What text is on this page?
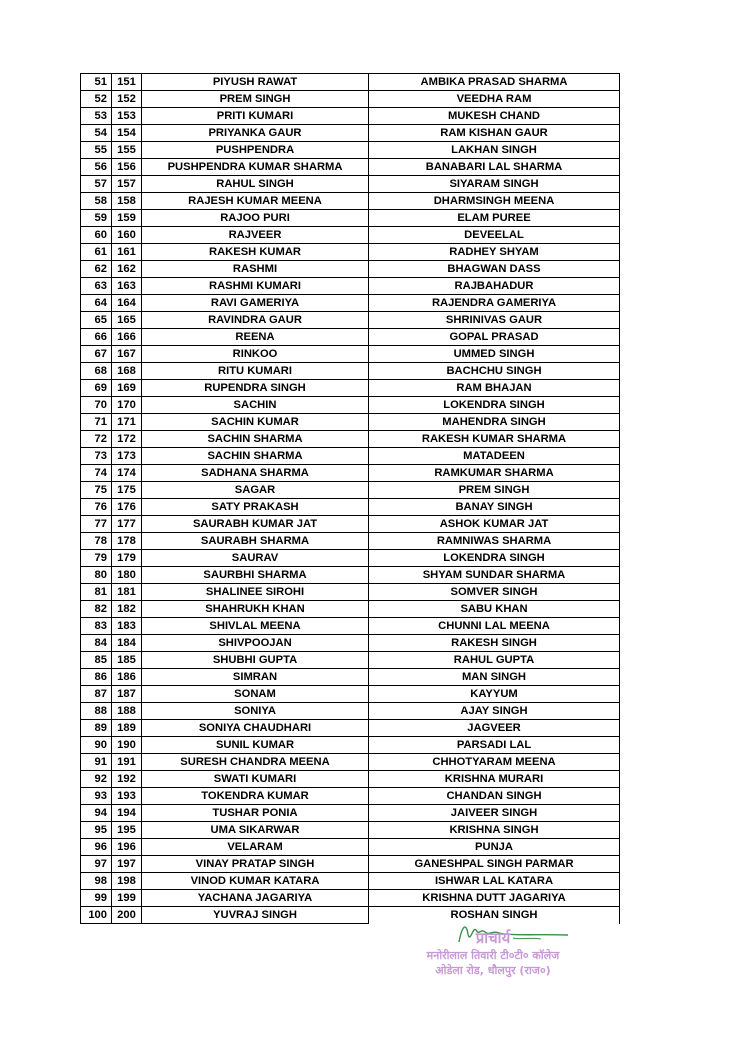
51	151	PIYUSH RAWAT	AMBIKA PRASAD SHARMA
52	152	PREM SINGH	VEEDHA RAM
53	153	PRITI KUMARI	MUKESH CHAND
54	154	PRIYANKA GAUR	RAM KISHAN GAUR
55	155	PUSHPENDRA	LAKHAN SINGH
56	156	PUSHPENDRA KUMAR SHARMA	BANABARI LAL SHARMA
57	157	RAHUL SINGH	SIYARAM SINGH
58	158	RAJESH KUMAR MEENA	DHARMSINGH MEENA
59	159	RAJOO PURI	ELAM PUREE
60	160	RAJVEER	DEVEELAL
61	161	RAKESH KUMAR	RADHEY SHYAM
62	162	RASHMI	BHAGWAN DASS
63	163	RASHMI KUMARI	RAJBAHADUR
64	164	RAVI GAMERIYA	RAJENDRA GAMERIYA
65	165	RAVINDRA GAUR	SHRINIVAS GAUR
66	166	REENA	GOPAL PRASAD
67	167	RINKOO	UMMED SINGH
68	168	RITU KUMARI	BACHCHU SINGH
69	169	RUPENDRA SINGH	RAM BHAJAN
70	170	SACHIN	LOKENDRA SINGH
71	171	SACHIN KUMAR	MAHENDRA SINGH
72	172	SACHIN SHARMA	RAKESH KUMAR SHARMA
73	173	SACHIN SHARMA	MATADEEN
74	174	SADHANA SHARMA	RAMKUMAR SHARMA
75	175	SAGAR	PREM SINGH
76	176	SATY PRAKASH	BANAY SINGH
77	177	SAURABH KUMAR JAT	ASHOK KUMAR JAT
78	178	SAURABH SHARMA	RAMNIWAS SHARMA
79	179	SAURAV	LOKENDRA SINGH
80	180	SAURBHI SHARMA	SHYAM SUNDAR SHARMA
81	181	SHALINEE SIROHI	SOMVER SINGH
82	182	SHAHRUKH KHAN	SABU KHAN
83	183	SHIVLAL MEENA	CHUNNI LAL MEENA
84	184	SHIVPOOJAN	RAKESH SINGH
85	185	SHUBHI GUPTA	RAHUL GUPTA
86	186	SIMRAN	MAN SINGH
87	187	SONAM	KAYYUM
88	188	SONIYA	AJAY SINGH
89	189	SONIYA CHAUDHARI	JAGVEER
90	190	SUNIL KUMAR	PARSADI LAL
91	191	SURESH CHANDRA MEENA	CHHOTYARAM MEENA
92	192	SWATI KUMARI	KRISHNA MURARI
93	193	TOKENDRA KUMAR	CHANDAN SINGH
94	194	TUSHAR PONIA	JAIVEER SINGH
95	195	UMA SIKARWAR	KRISHNA SINGH
96	196	VELARAM	PUNJA
97	197	VINAY PRATAP SINGH	GANESHPAL SINGH PARMAR
98	198	VINOD KUMAR KATARA	ISHWAR LAL KATARA
99	199	YACHANA JAGARIYA	KRISHNA DUTT JAGARIYA
100	200	YUVRAJ SINGH	ROSHAN SINGH
प्राचार्य
मनोरीलाल तिवारी टी०टी० कॉलेज
ओडेला रोड, धौलपुर (राज०)
